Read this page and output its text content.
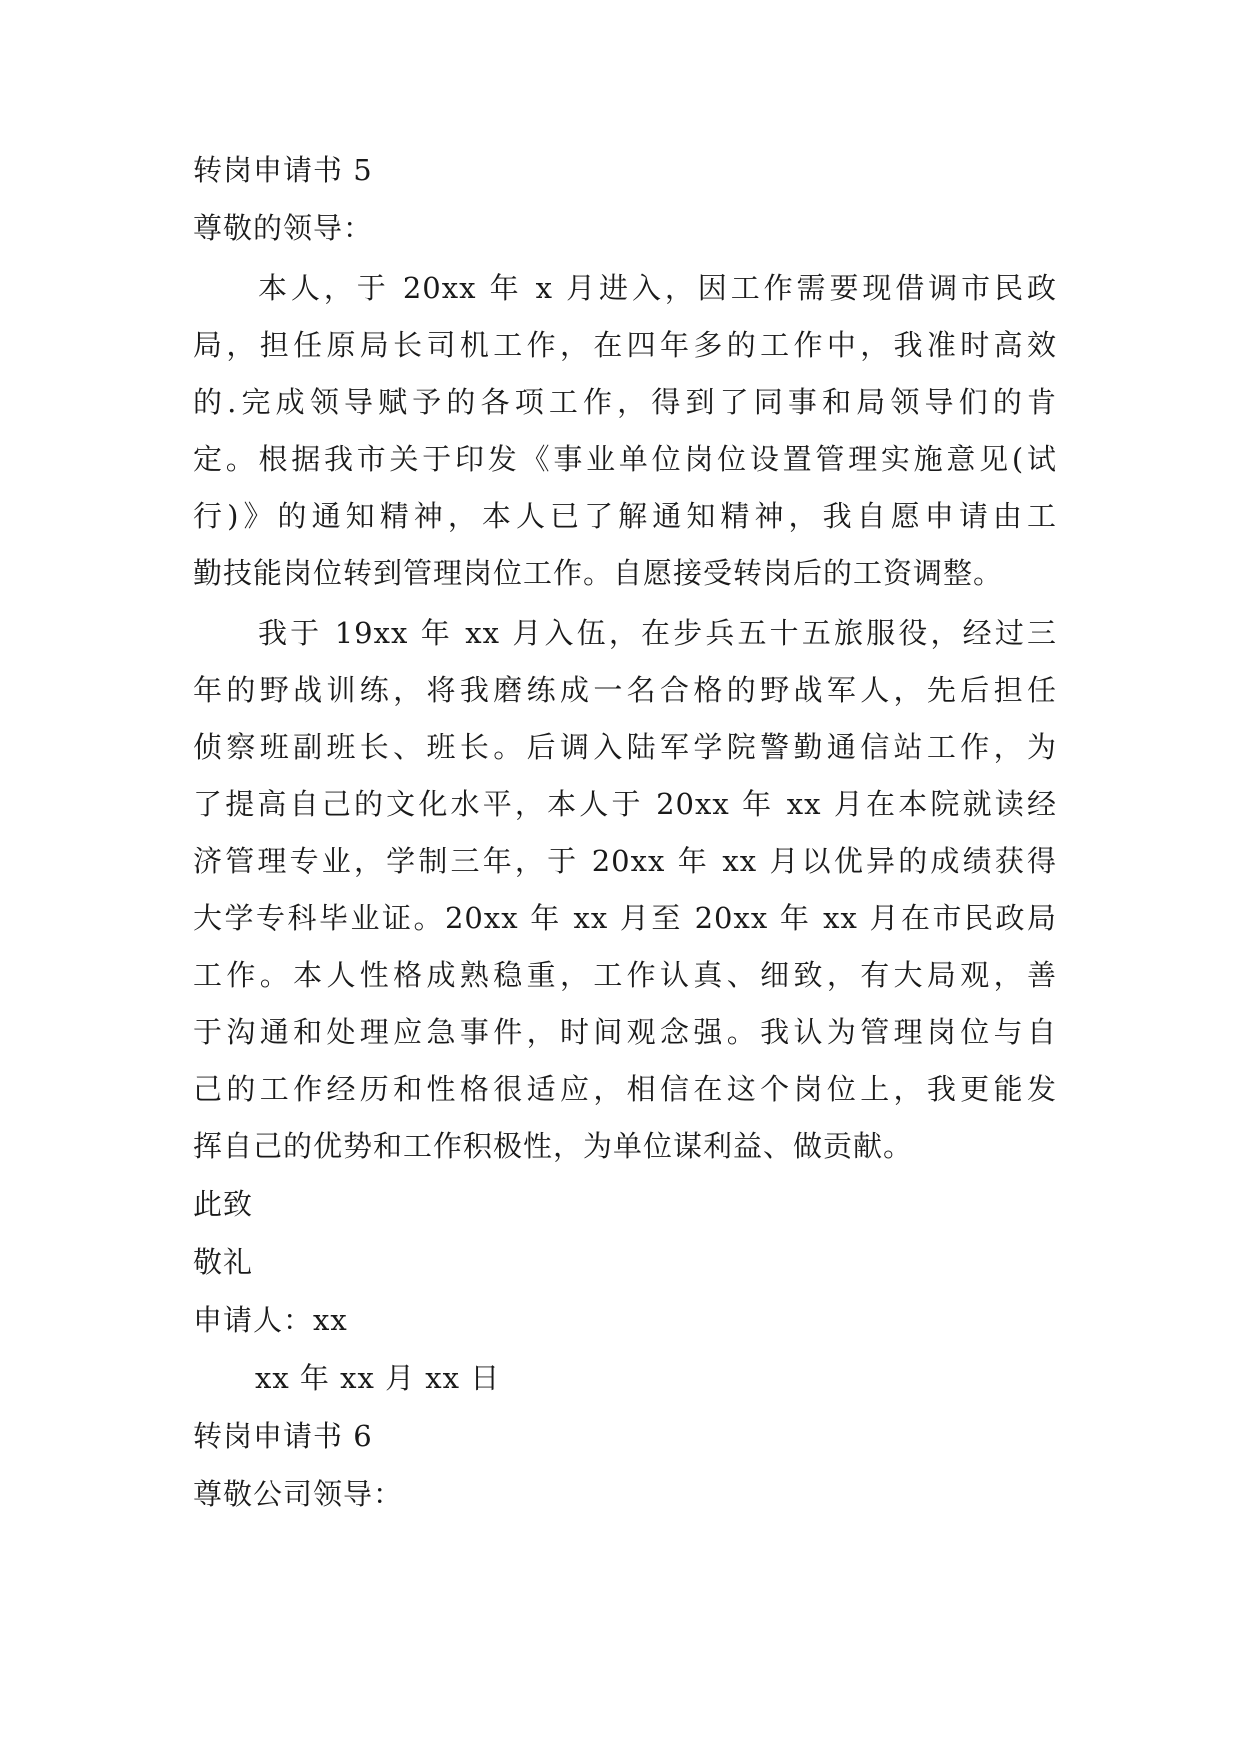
转岗申请书 5
尊敬的领导：
本人，于 20xx 年 x 月进入，因工作需要现借调市民政
局，担任原局长司机工作，在四年多的工作中，我准时高效
的.完成领导赋予的各项工作，得到了同事和局领导们的肯
定。根据我市关于印发《事业单位岗位设置管理实施意见(试
行)》的通知精神，本人已了解通知精神，我自愿申请由工
勤技能岗位转到管理岗位工作。自愿接受转岗后的工资调整。
我于 19xx 年 xx 月入伍，在步兵五十五旅服役，经过三
年的野战训练，将我磨练成一名合格的野战军人，先后担任
侦察班副班长、班长。后调入陆军学院警勤通信站工作，为
了提高自己的文化水平，本人于 20xx 年 xx 月在本院就读经
济管理专业，学制三年，于 20xx 年 xx 月以优异的成绩获得
大学专科毕业证。20xx 年 xx 月至 20xx 年 xx 月在市民政局
工作。本人性格成熟稳重，工作认真、细致，有大局观，善
于沟通和处理应急事件，时间观念强。我认为管理岗位与自
己的工作经历和性格很适应，相信在这个岗位上，我更能发
挥自己的优势和工作积极性，为单位谋利益、做贡献。
此致
敬礼
申请人：xx
xx 年 xx 月 xx 日
转岗申请书 6
尊敬公司领导：
